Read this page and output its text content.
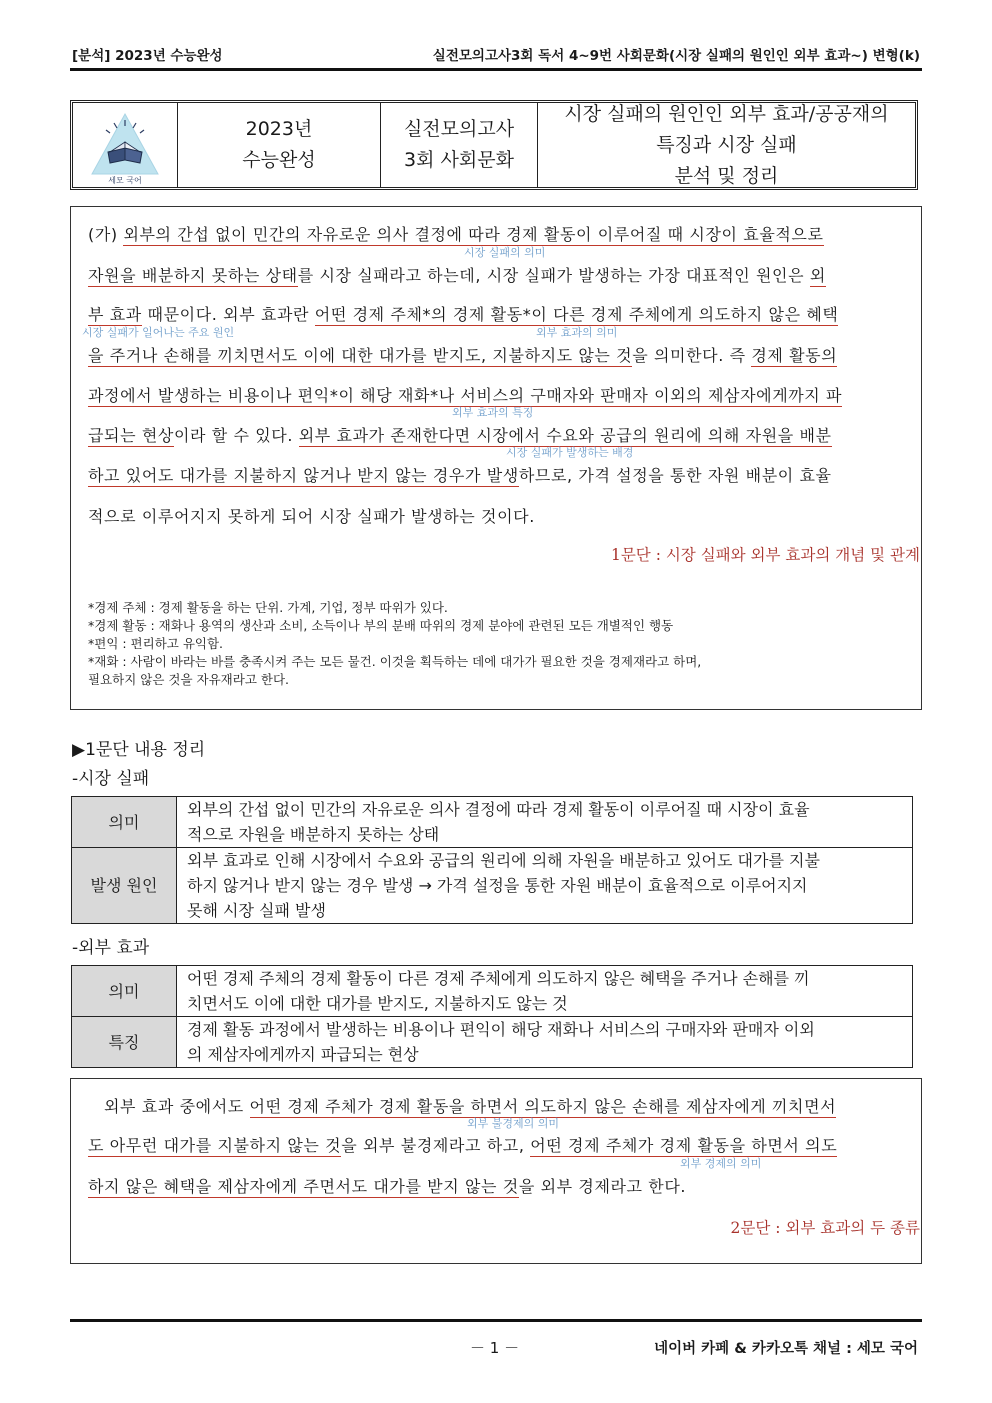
[분석] 2023년 수능완성	실전모의고사3회 독서 4~9번 사회문화(시장 실패의 원인인 외부 효과~) 변형(k)
세모 국어
2023년
수능완성
실전모의고사
3회 사회문화
시장 실패의 원인인 외부 효과/공공재의
특징과 시장 실패
분석 및 정리
(가) 외부의 간섭 없이 민간의 자유로운 의사 결정에 따라 경제 활동이 이루어질 때 시장이 효율적으로
시장 실패의 의미
자원을 배분하지 못하는 상태를 시장 실패라고 하는데, 시장 실패가 발생하는 가장 대표적인 원인은 외
부 효과 때문이다. 외부 효과란 어떤 경제 주체*의 경제 활동*이 다른 경제 주체에게 의도하지 않은 혜택
시장 실패가 일어나는 주요 원인	외부 효과의 의미
을 주거나 손해를 끼치면서도 이에 대한 대가를 받지도, 지불하지도 않는 것을 의미한다. 즉 경제 활동의
과정에서 발생하는 비용이나 편익*이 해당 재화*나 서비스의 구매자와 판매자 이외의 제삼자에게까지 파
외부 효과의 특징
급되는 현상이라 할 수 있다. 외부 효과가 존재한다면 시장에서 수요와 공급의 원리에 의해 자원을 배분
시장 실패가 발생하는 배경
하고 있어도 대가를 지불하지 않거나 받지 않는 경우가 발생하므로, 가격 설정을 통한 자원 배분이 효율
적으로 이루어지지 못하게 되어 시장 실패가 발생하는 것이다.
1문단 : 시장 실패와 외부 효과의 개념 및 관계
*경제 주체 : 경제 활동을 하는 단위. 가계, 기업, 정부 따위가 있다.
*경제 활동 : 재화나 용역의 생산과 소비, 소득이나 부의 분배 따위의 경제 분야에 관련된 모든 개별적인 행동
*편익 : 편리하고 유익함.
*재화 : 사람이 바라는 바를 충족시켜 주는 모든 물건. 이것을 획득하는 데에 대가가 필요한 것을 경제재라고 하며,
필요하지 않은 것을 자유재라고 한다.
▶1문단 내용 정리
-시장 실패
의미	외부의 간섭 없이 민간의 자유로운 의사 결정에 따라 경제 활동이 이루어질 때 시장이 효율
적으로 자원을 배분하지 못하는 상태

발생 원인	외부 효과로 인해 시장에서 수요와 공급의 원리에 의해 자원을 배분하고 있어도 대가를 지불
하지 않거나 받지 않는 경우 발생 → 가격 설정을 통한 자원 배분이 효율적으로 이루어지지
못해 시장 실패 발생
-외부 효과
의미	어떤 경제 주체의 경제 활동이 다른 경제 주체에게 의도하지 않은 혜택을 주거나 손해를 끼
치면서도 이에 대한 대가를 받지도, 지불하지도 않는 것

특징	경제 활동 과정에서 발생하는 비용이나 편익이 해당 재화나 서비스의 구매자와 판매자 이외
의 제삼자에게까지 파급되는 현상
외부 효과 중에서도 어떤 경제 주체가 경제 활동을 하면서 의도하지 않은 손해를 제삼자에게 끼치면서
외부 불경제의 의미
도 아무런 대가를 지불하지 않는 것을 외부 불경제라고 하고, 어떤 경제 주체가 경제 활동을 하면서 의도
외부 경제의 의미
하지 않은 혜택을 제삼자에게 주면서도 대가를 받지 않는 것을 외부 경제라고 한다.
2문단 : 외부 효과의 두 종류
－ 1 －	네이버 카페 & 카카오톡 채널 : 세모 국어
